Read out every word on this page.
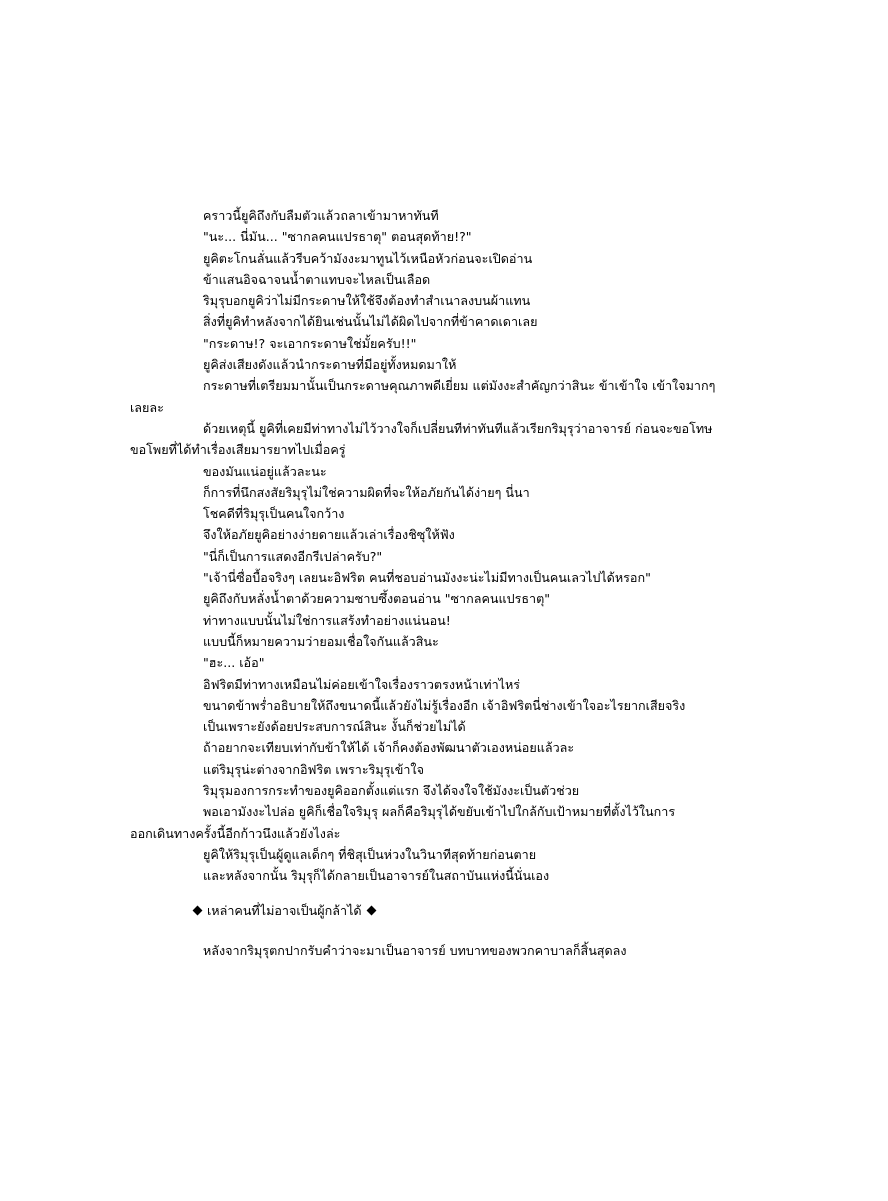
คราวนี้ยูคิถึงกับลืมตัวแล้วถลาเข้ามาหาทันที
"นะ... นี่มัน... "ซากลคนแปรธาตุ" ตอนสุดท้าย!?"
ยูคิตะโกนลั่นแล้วรีบคว้ามังงะมาทูนไว้เหนือหัวก่อนจะเปิดอ่าน
ข้าแสนอิจฉาจนน้ำตาแทบจะไหลเป็นเลือด
ริมุรุบอกยูคิว่าไม่มีกระดาษให้ใช้จึงต้องทำสำเนาลงบนผ้าแทน
สิ่งที่ยูคิทำหลังจากได้ยินเช่นนั้นไม่ได้ผิดไปจากที่ข้าคาดเดาเลย
"กระดาษ!? จะเอากระดาษใช่มั้ยครับ!!"
ยูคิส่งเสียงดังแล้วนำกระดาษที่มีอยู่ทั้งหมดมาให้
กระดาษที่เตรียมมานั้นเป็นกระดาษคุณภาพดีเยี่ยม แต่มังงะสำคัญกว่าสินะ ข้าเข้าใจ เข้าใจมากๆ
เลยละ
ด้วยเหตุนี้ ยูคิที่เคยมีท่าทางไม่ไว้วางใจก็เปลี่ยนทีท่าทันทีแล้วเรียกริมุรุว่าอาจารย์ ก่อนจะขอโทษ
ขอโพยที่ได้ทำเรื่องเสียมารยาทไปเมื่อครู่
ของมันแน่อยู่แล้วละนะ
ก็การที่นึกสงสัยริมุรุไม่ใช่ความผิดที่จะให้อภัยกันได้ง่ายๆ นี่นา
โชคดีที่ริมุรุเป็นคนใจกว้าง
จึงให้อภัยยูคิอย่างง่ายดายแล้วเล่าเรื่องชิซุให้ฟัง
"นี่ก็เป็นการแสดงอีกรีเปล่าครับ?"
"เจ้านี่ซื่อบื้อจริงๆ เลยนะอิฟริต คนที่ชอบอ่านมังงะน่ะไม่มีทางเป็นคนเลวไปได้หรอก"
ยูคิถึงกับหลั่งน้ำตาด้วยความซาบซึ้งตอนอ่าน "ซากลคนแปรธาตุ"
ท่าทางแบบนั้นไม่ใช่การแสร้งทำอย่างแน่นอน!
แบบนี้ก็หมายความว่ายอมเชื่อใจกันแล้วสินะ
"ฮะ... เอ้อ"
อิฟริตมีท่าทางเหมือนไม่ค่อยเข้าใจเรื่องราวตรงหน้าเท่าไหร่
ขนาดข้าพร่ำอธิบายให้ถึงขนาดนี้แล้วยังไม่รู้เรื่องอีก เจ้าอิฟริตนี่ช่างเข้าใจอะไรยากเสียจริง
เป็นเพราะยังด้อยประสบการณ์สินะ งั้นก็ช่วยไม่ได้
ถ้าอยากจะเทียบเท่ากับข้าให้ได้ เจ้าก็คงต้องพัฒนาตัวเองหน่อยแล้วละ
แต่ริมุรุน่ะต่างจากอิฟริต เพราะริมุรุเข้าใจ
ริมุรุมองการกระทำของยูคิออกตั้งแต่แรก จึงได้จงใจใช้มังงะเป็นตัวช่วย
พอเอามังงะไปล่อ ยูคิก็เชื่อใจริมุรุ ผลก็คือริมุรุได้ขยับเข้าไปใกล้กับเป้าหมายที่ตั้งไว้ในการ
ออกเดินทางครั้งนี้อีกก้าวนึงแล้วยังไงล่ะ
ยูคิให้ริมุรุเป็นผู้ดูแลเด็กๆ ที่ชิสุเป็นห่วงในวินาทีสุดท้ายก่อนตาย
และหลังจากนั้น ริมุรุก็ได้กลายเป็นอาจารย์ในสถาบันแห่งนี้นั่นเอง
เหล่าคนที่ไม่อาจเป็นผู้กล้าได้
หลังจากริมุรุตกปากรับคำว่าจะมาเป็นอาจารย์ บทบาทของพวกคาบาลก็สิ้นสุดลง
